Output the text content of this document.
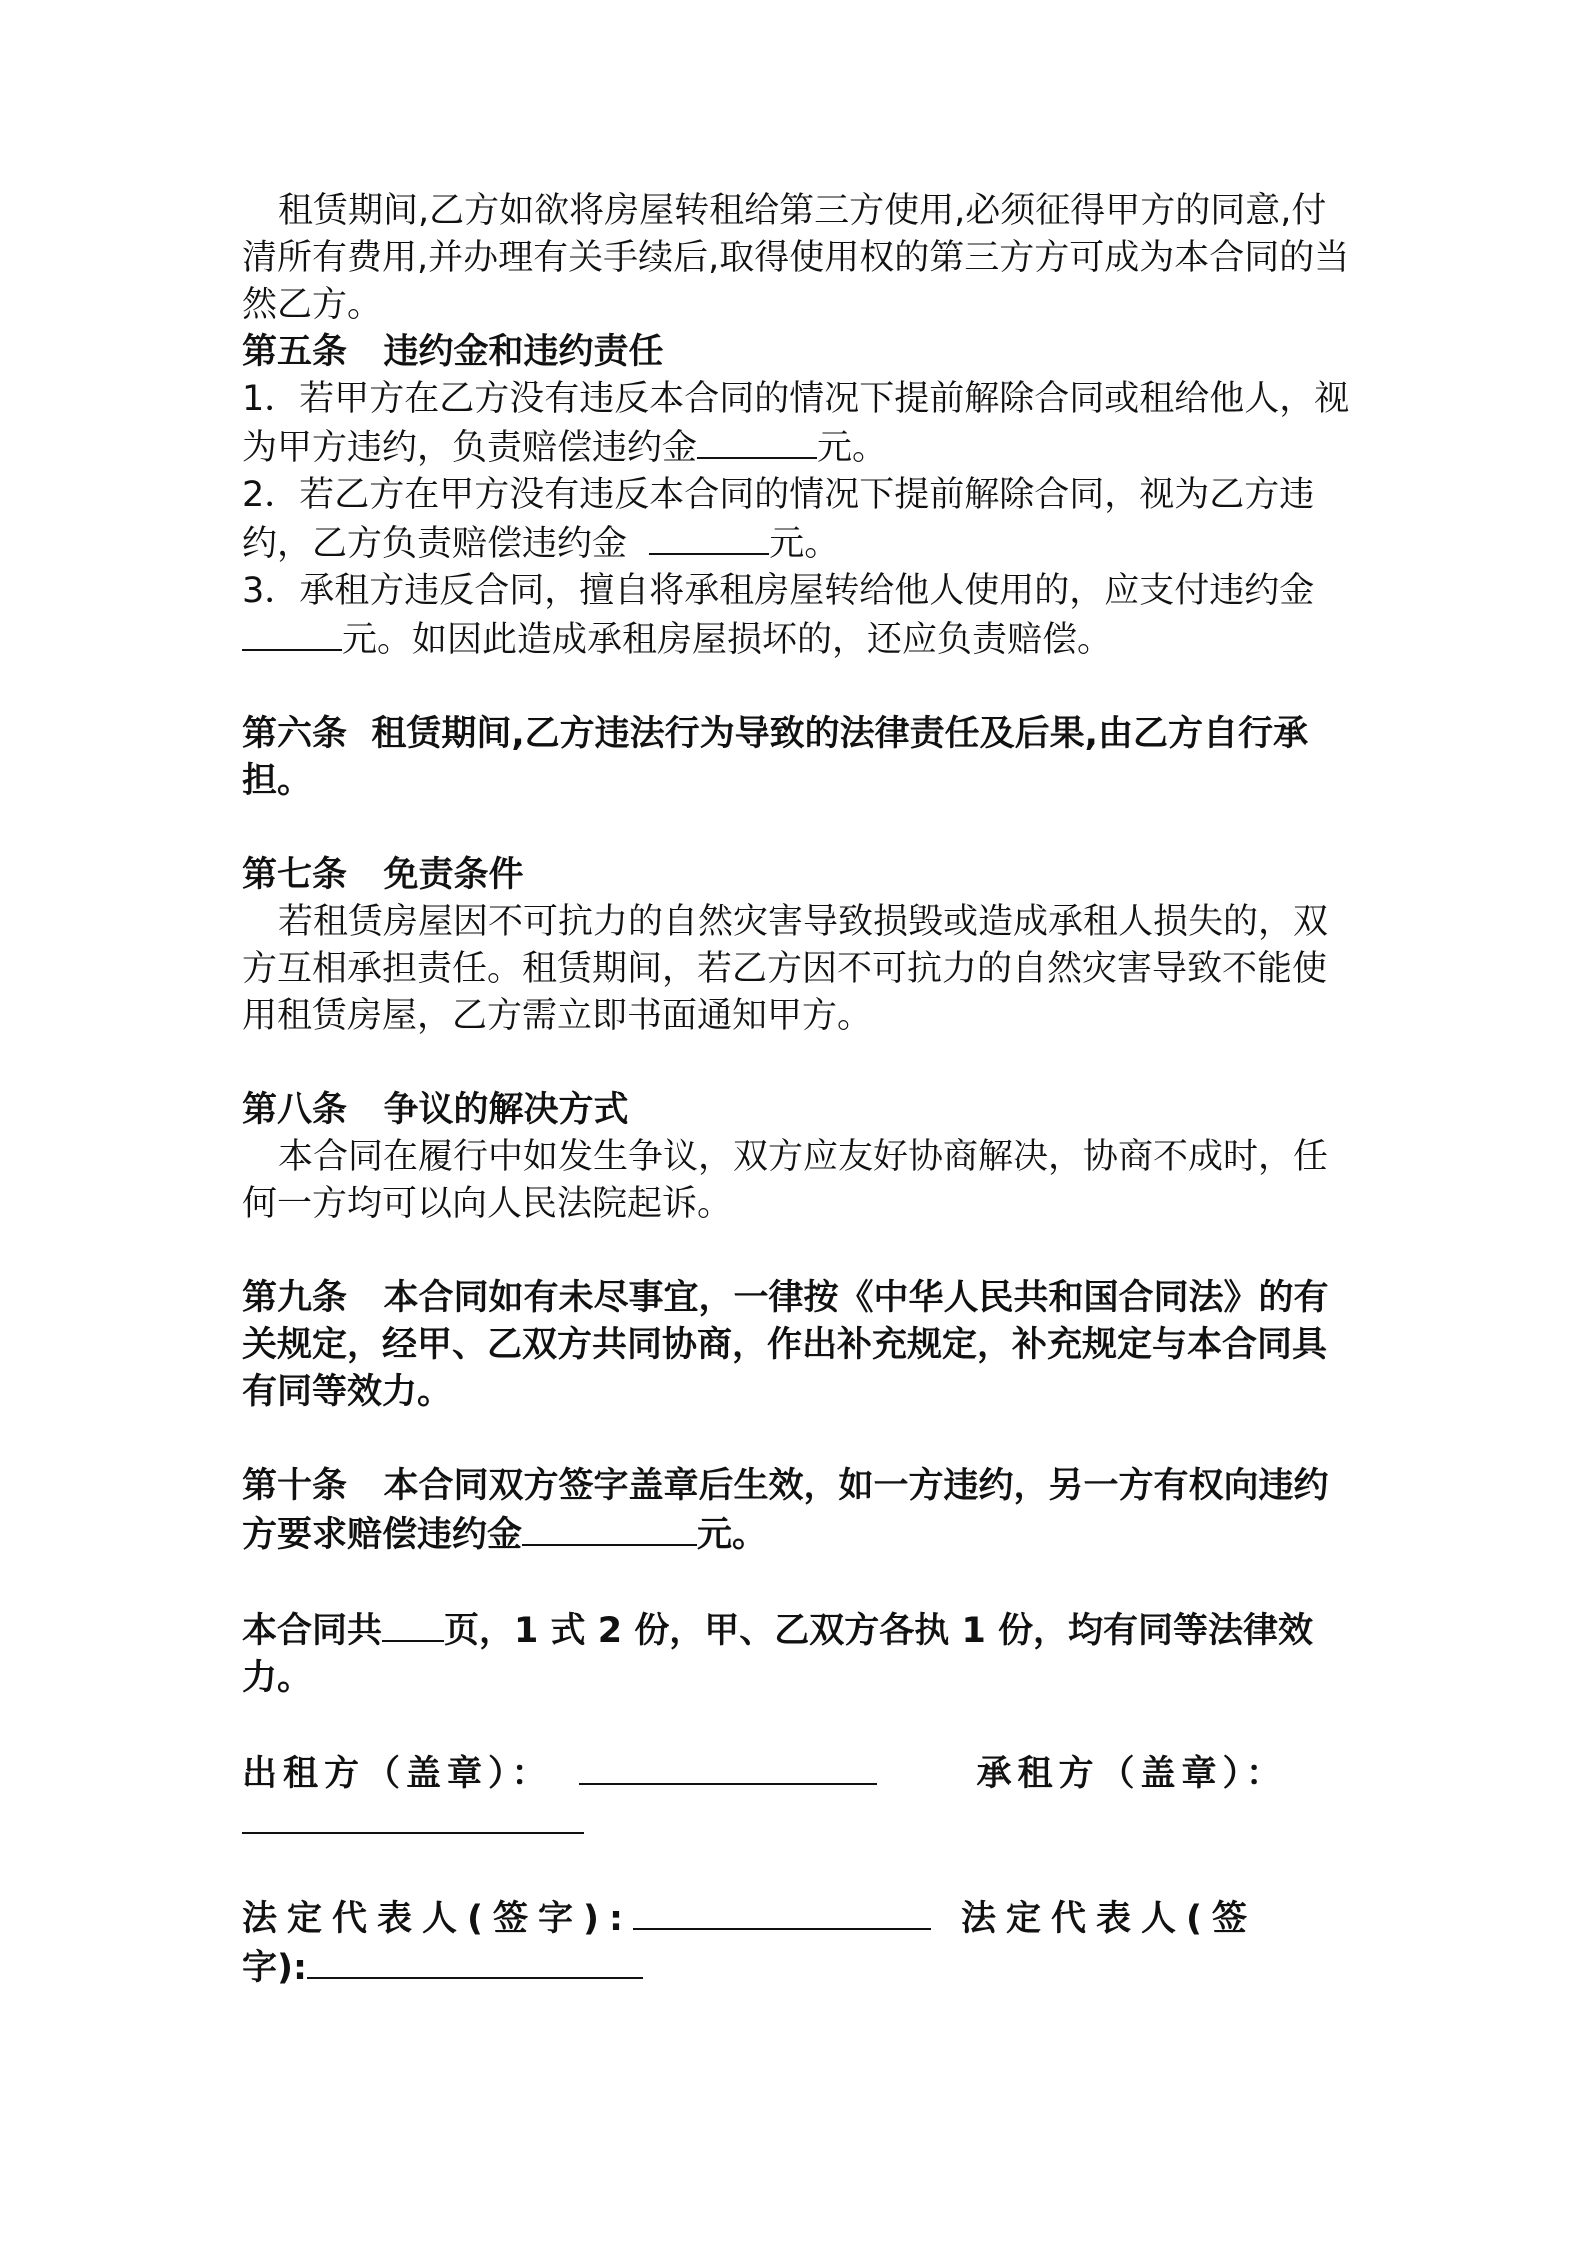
租赁期间,乙方如欲将房屋转租给第三方使用,必须征得甲方的同意,付清所有费用,并办理有关手续后,取得使用权的第三方方可成为本合同的当然乙方。

第五条   违约金和违约责任

1．若甲方在乙方没有违反本合同的情况下提前解除合同或租给他人，视为甲方违约，负责赔偿违约金	元。

2．若乙方在甲方没有违反本合同的情况下提前解除合同，视为乙方违约，乙方负责赔偿违约金	元。

3．承租方违反合同，擅自将承租房屋转给他人使用的，应支付违约金元。如因此造成承租房屋损坏的，还应负责赔偿。

第六条  租赁期间,乙方违法行为导致的法律责任及后果,由乙方自行承担。

第七条   免责条件

若租赁房屋因不可抗力的自然灾害导致损毁或造成承租人损失的，双方互相承担责任。租赁期间，若乙方因不可抗力的自然灾害导致不能使用租赁房屋，乙方需立即书面通知甲方。

第八条   争议的解决方式

本合同在履行中如发生争议，双方应友好协商解决，协商不成时，任何一方均可以向人民法院起诉。

第九条   本合同如有未尽事宜，一律按《中华人民共和国合同法》的有关规定，经甲、乙双方共同协商，作出补充规定，补充规定与本合同具有同等效力。

第十条   本合同双方签字盖章后生效，如一方违约，另一方有权向违约方要求赔偿违约金	元。

本合同共 页，1 式 2 份，甲、乙双方各执 1 份，均有同等法律效力。

出租方（盖章）：	承租方（盖章）：

法定代表人(签字):	法定代表人(签

字):
